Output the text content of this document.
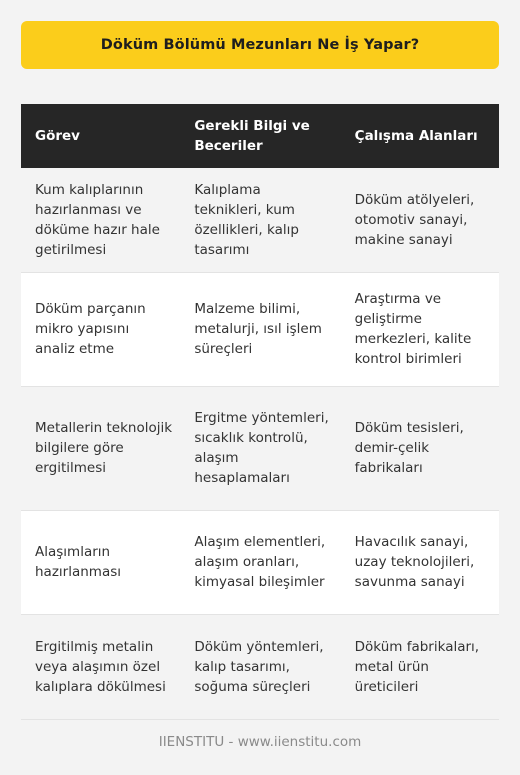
Döküm Bölümü Mezunları Ne İş Yapar?
Görev	Gerekli Bilgi ve Beceriler	Çalışma Alanları
Kum kalıplarının hazırlanması ve döküme hazır hale getirilmesi	Kalıplama teknikleri, kum özellikleri, kalıp tasarımı	Döküm atölyeleri, otomotiv sanayi, makine sanayi
Döküm parçanın mikro yapısını analiz etme	Malzeme bilimi, metalurji, ısıl işlem süreçleri	Araştırma ve geliştirme merkezleri, kalite kontrol birimleri
Metallerin teknolojik bilgilere göre ergitilmesi	Ergitme yöntemleri, sıcaklık kontrolü, alaşım hesaplamaları	Döküm tesisleri, demir-çelik fabrikaları
Alaşımların hazırlanması	Alaşım elementleri, alaşım oranları, kimyasal bileşimler	Havacılık sanayi, uzay teknolojileri, savunma sanayi
Ergitilmiş metalin veya alaşımın özel kalıplara dökülmesi	Döküm yöntemleri, kalıp tasarımı, soğuma süreçleri	Döküm fabrikaları, metal ürün üreticileri
IIENSTITU - www.iienstitu.com
